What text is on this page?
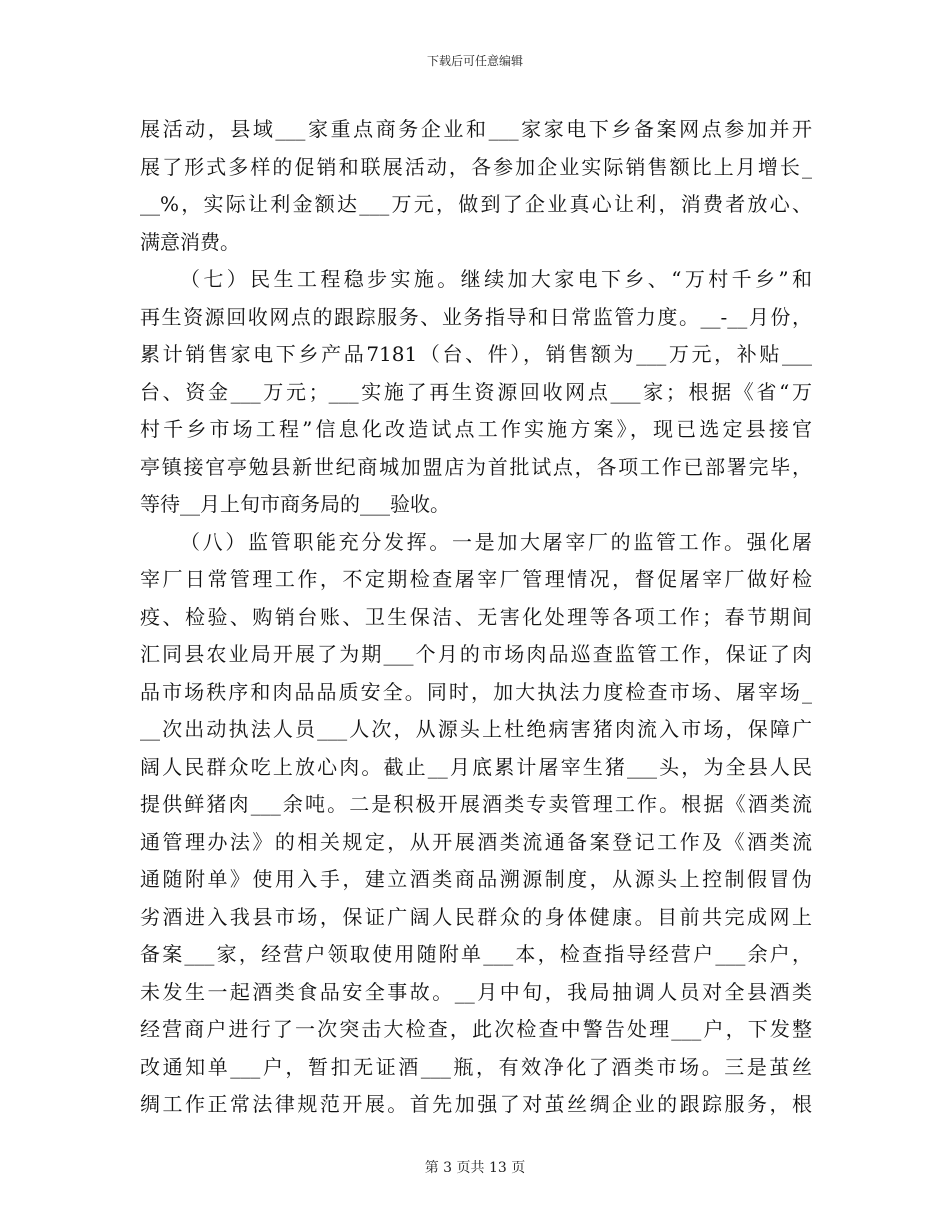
下载后可任意编辑
展活动，县域___家重点商务企业和___家家电下乡备案网点参加并开
展了形式多样的促销和联展活动，各参加企业实际销售额比上月增长_
__%，实际让利金额达___万元，做到了企业真心让利，消费者放心、
满意消费。
（七）民生工程稳步实施。继续加大家电下乡、“万村千乡”和
再生资源回收网点的跟踪服务、业务指导和日常监管力度。__-__月份，
累计销售家电下乡产品7181（台、件），销售额为___万元，补贴___
台、资金___万元；___实施了再生资源回收网点___家；根据《省“万
村千乡市场工程”信息化改造试点工作实施方案》，现已选定县接官
亭镇接官亭勉县新世纪商城加盟店为首批试点，各项工作已部署完毕，
等待__月上旬市商务局的___验收。
（八）监管职能充分发挥。一是加大屠宰厂的监管工作。强化屠
宰厂日常管理工作，不定期检查屠宰厂管理情况，督促屠宰厂做好检
疫、检验、购销台账、卫生保洁、无害化处理等各项工作；春节期间
汇同县农业局开展了为期___个月的市场肉品巡查监管工作，保证了肉
品市场秩序和肉品品质安全。同时，加大执法力度检查市场、屠宰场_
__次出动执法人员___人次，从源头上杜绝病害猪肉流入市场，保障广
阔人民群众吃上放心肉。截止__月底累计屠宰生猪___头，为全县人民
提供鲜猪肉___余吨。二是积极开展酒类专卖管理工作。根据《酒类流
通管理办法》的相关规定，从开展酒类流通备案登记工作及《酒类流
通随附单》使用入手，建立酒类商品溯源制度，从源头上控制假冒伪
劣酒进入我县市场，保证广阔人民群众的身体健康。目前共完成网上
备案___家，经营户领取使用随附单___本，检查指导经营户___余户，
未发生一起酒类食品安全事故。__月中旬，我局抽调人员对全县酒类
经营商户进行了一次突击大检查，此次检查中警告处理___户，下发整
改通知单___户，暂扣无证酒___瓶，有效净化了酒类市场。三是茧丝
绸工作正常法律规范开展。首先加强了对茧丝绸企业的跟踪服务，根
第 3 页共 13 页
